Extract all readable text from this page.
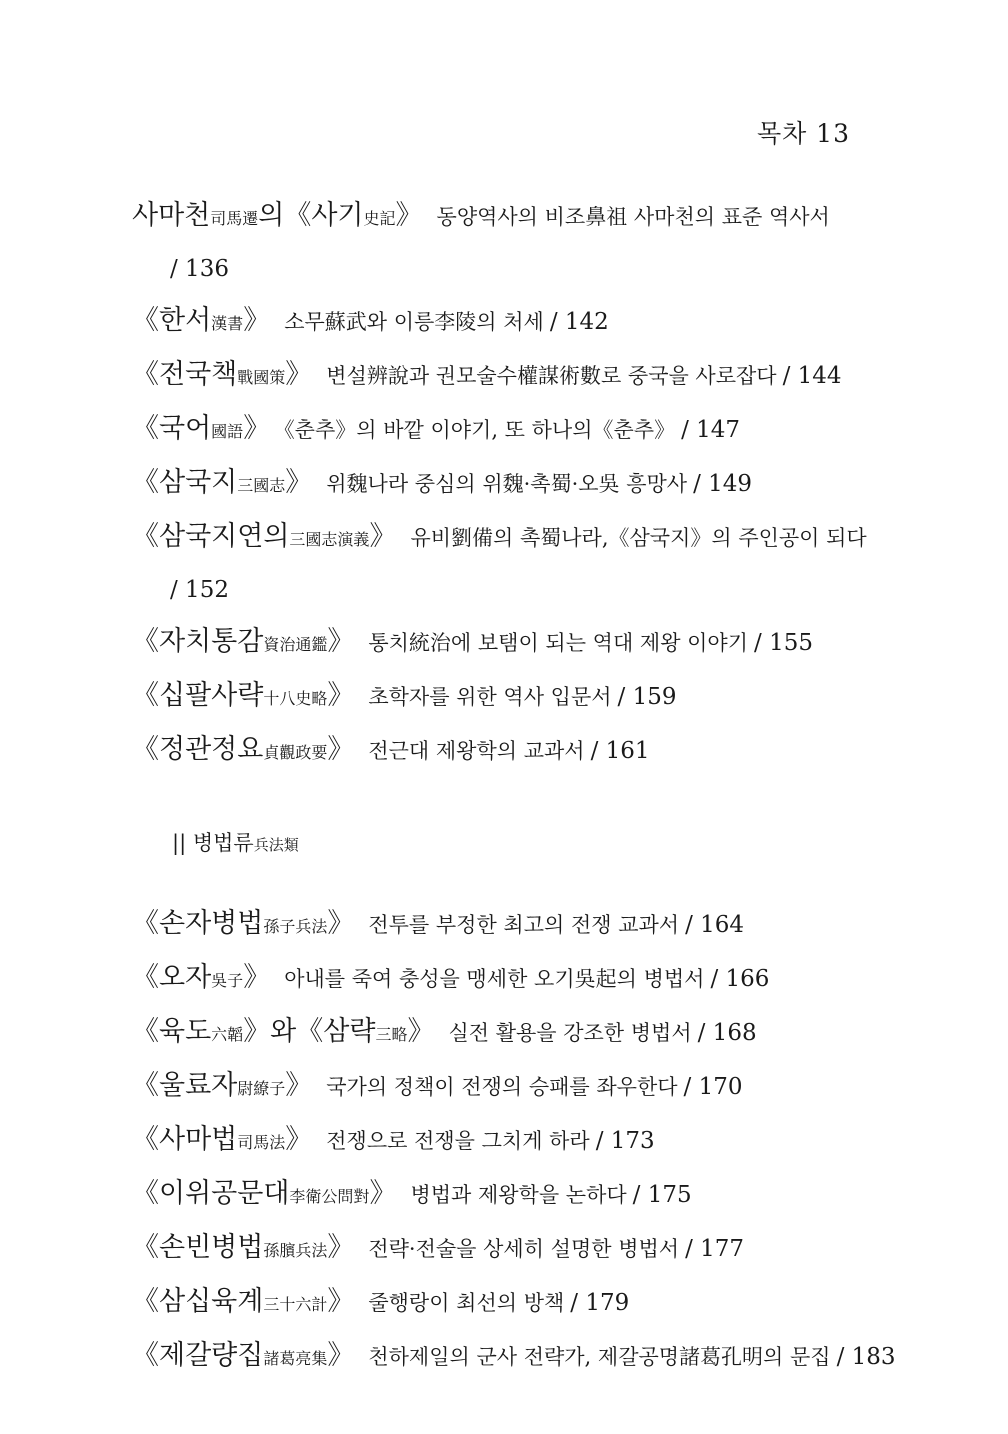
목차 13
사마천司馬遷의《사기史記》 동양역사의 비조鼻祖 사마천의 표준 역사서
/ 136
《한서漢書》 소무蘇武와 이릉李陵의 처세 / 142
《전국책戰國策》 변설辨說과 권모술수權謀術數로 중국을 사로잡다 / 144
《국어國語》 《춘추》의 바깥 이야기, 또 하나의《춘추》 / 147
《삼국지三國志》 위魏나라 중심의 위魏·촉蜀·오吳 흥망사 / 149
《삼국지연의三國志演義》 유비劉備의 촉蜀나라,《삼국지》의 주인공이 되다
/ 152
《자치통감資治通鑑》 통치統治에 보탬이 되는 역대 제왕 이야기 / 155
《십팔사략十八史略》 초학자를 위한 역사 입문서 / 159
《정관정요貞觀政要》 전근대 제왕학의 교과서 / 161
|| 병법류兵法類
《손자병법孫子兵法》 전투를 부정한 최고의 전쟁 교과서 / 164
《오자吳子》 아내를 죽여 충성을 맹세한 오기吳起의 병법서 / 166
《육도六韜》와《삼략三略》 실전 활용을 강조한 병법서 / 168
《울료자尉繚子》 국가의 정책이 전쟁의 승패를 좌우한다 / 170
《사마법司馬法》 전쟁으로 전쟁을 그치게 하라 / 173
《이위공문대李衛公問對》 병법과 제왕학을 논하다 / 175
《손빈병법孫臏兵法》 전략·전술을 상세히 설명한 병법서 / 177
《삼십육계三十六計》 줄행랑이 최선의 방책 / 179
《제갈량집諸葛亮集》 천하제일의 군사 전략가, 제갈공명諸葛孔明의 문집 / 183
